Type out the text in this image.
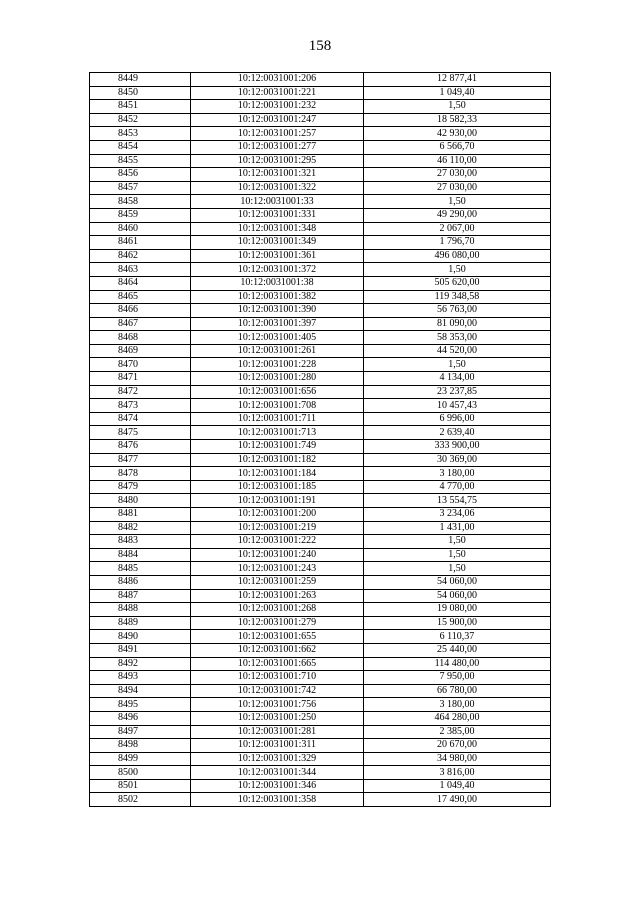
158
8449	10:12:0031001:206	12 877,41
8450	10:12:0031001:221	1 049,40
8451	10:12:0031001:232	1,50
8452	10:12:0031001:247	18 582,33
8453	10:12:0031001:257	42 930,00
8454	10:12:0031001:277	6 566,70
8455	10:12:0031001:295	46 110,00
8456	10:12:0031001:321	27 030,00
8457	10:12:0031001:322	27 030,00
8458	10:12:0031001:33	1,50
8459	10:12:0031001:331	49 290,00
8460	10:12:0031001:348	2 067,00
8461	10:12:0031001:349	1 796,70
8462	10:12:0031001:361	496 080,00
8463	10:12:0031001:372	1,50
8464	10:12:0031001:38	505 620,00
8465	10:12:0031001:382	119 348,58
8466	10:12:0031001:390	56 763,00
8467	10:12:0031001:397	81 090,00
8468	10:12:0031001:405	58 353,00
8469	10:12:0031001:261	44 520,00
8470	10:12:0031001:228	1,50
8471	10:12:0031001:280	4 134,00
8472	10:12:0031001:656	23 237,85
8473	10:12:0031001:708	10 457,43
8474	10:12:0031001:711	6 996,00
8475	10:12:0031001:713	2 639,40
8476	10:12:0031001:749	333 900,00
8477	10:12:0031001:182	30 369,00
8478	10:12:0031001:184	3 180,00
8479	10:12:0031001:185	4 770,00
8480	10:12:0031001:191	13 554,75
8481	10:12:0031001:200	3 234,06
8482	10:12:0031001:219	1 431,00
8483	10:12:0031001:222	1,50
8484	10:12:0031001:240	1,50
8485	10:12:0031001:243	1,50
8486	10:12:0031001:259	54 060,00
8487	10:12:0031001:263	54 060,00
8488	10:12:0031001:268	19 080,00
8489	10:12:0031001:279	15 900,00
8490	10:12:0031001:655	6 110,37
8491	10:12:0031001:662	25 440,00
8492	10:12:0031001:665	114 480,00
8493	10:12:0031001:710	7 950,00
8494	10:12:0031001:742	66 780,00
8495	10:12:0031001:756	3 180,00
8496	10:12:0031001:250	464 280,00
8497	10:12:0031001:281	2 385,00
8498	10:12:0031001:311	20 670,00
8499	10:12:0031001:329	34 980,00
8500	10:12:0031001:344	3 816,00
8501	10:12:0031001:346	1 049,40
8502	10:12:0031001:358	17 490,00
